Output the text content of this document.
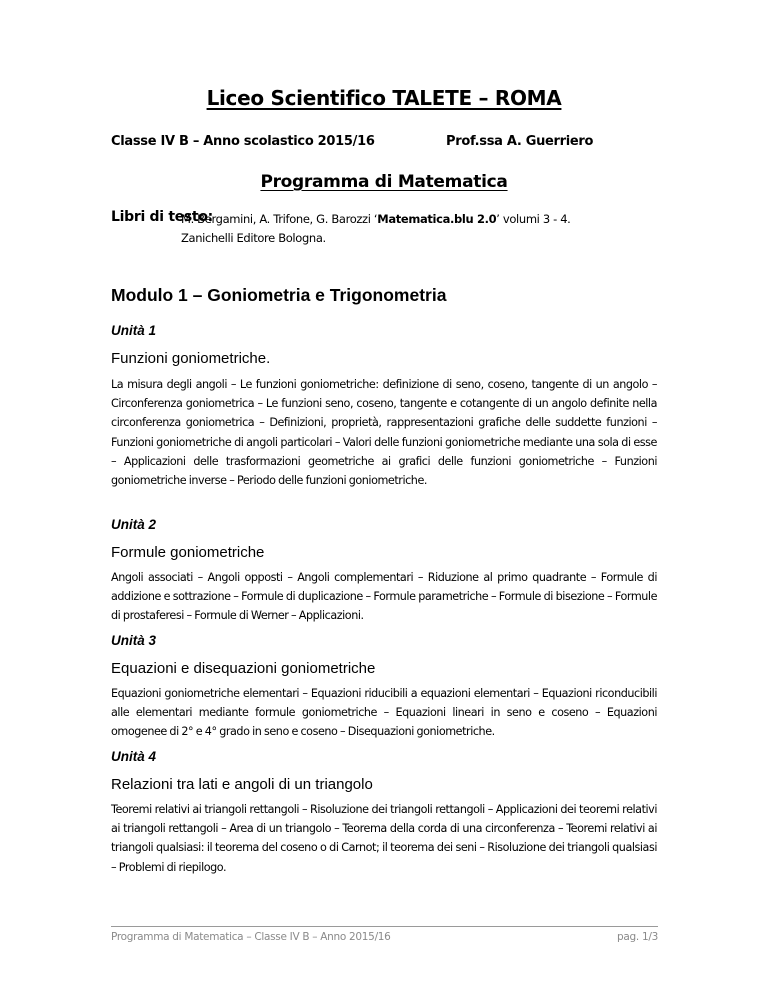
Liceo Scientifico TALETE – ROMA
Classe IV B – Anno scolastico 2015/16	Prof.ssa A. Guerriero
Programma di Matematica
Libri di testo:
M. Bergamini, A. Trifone, G. Barozzi ‘Matematica.blu 2.0’ volumi 3 - 4.
Zanichelli Editore Bologna.
Modulo 1 – Goniometria e Trigonometria
Unità 1
Funzioni goniometriche.
La misura degli angoli – Le funzioni goniometriche: definizione di seno, coseno, tangente di un angolo – Circonferenza goniometrica – Le funzioni seno, coseno, tangente e cotangente di un angolo definite nella circonferenza goniometrica – Definizioni, proprietà, rappresentazioni grafiche delle suddette funzioni – Funzioni goniometriche di angoli particolari – Valori delle funzioni goniometriche mediante una sola di esse – Applicazioni delle trasformazioni geometriche ai grafici delle funzioni goniometriche – Funzioni goniometriche inverse – Periodo delle funzioni goniometriche.
Unità 2
Formule goniometriche
Angoli associati – Angoli opposti – Angoli complementari – Riduzione al primo quadrante – Formule di addizione e sottrazione – Formule di duplicazione – Formule parametriche – Formule di bisezione – Formule di prostaferesi – Formule di Werner – Applicazioni.
Unità 3
Equazioni e disequazioni goniometriche
Equazioni goniometriche elementari – Equazioni riducibili a equazioni elementari – Equazioni riconducibili alle elementari mediante formule goniometriche – Equazioni lineari in seno e coseno – Equazioni omogenee di 2° e 4° grado in seno e coseno – Disequazioni goniometriche.
Unità 4
Relazioni tra lati e angoli di un triangolo
Teoremi relativi ai triangoli rettangoli – Risoluzione dei triangoli rettangoli – Applicazioni dei teoremi relativi ai triangoli rettangoli – Area di un triangolo – Teorema della corda di una circonferenza – Teoremi relativi ai triangoli qualsiasi: il teorema del coseno o di Carnot; il teorema dei seni – Risoluzione dei triangoli qualsiasi – Problemi di riepilogo.
Programma di Matematica – Classe IV B – Anno 2015/16	pag. 1/3
